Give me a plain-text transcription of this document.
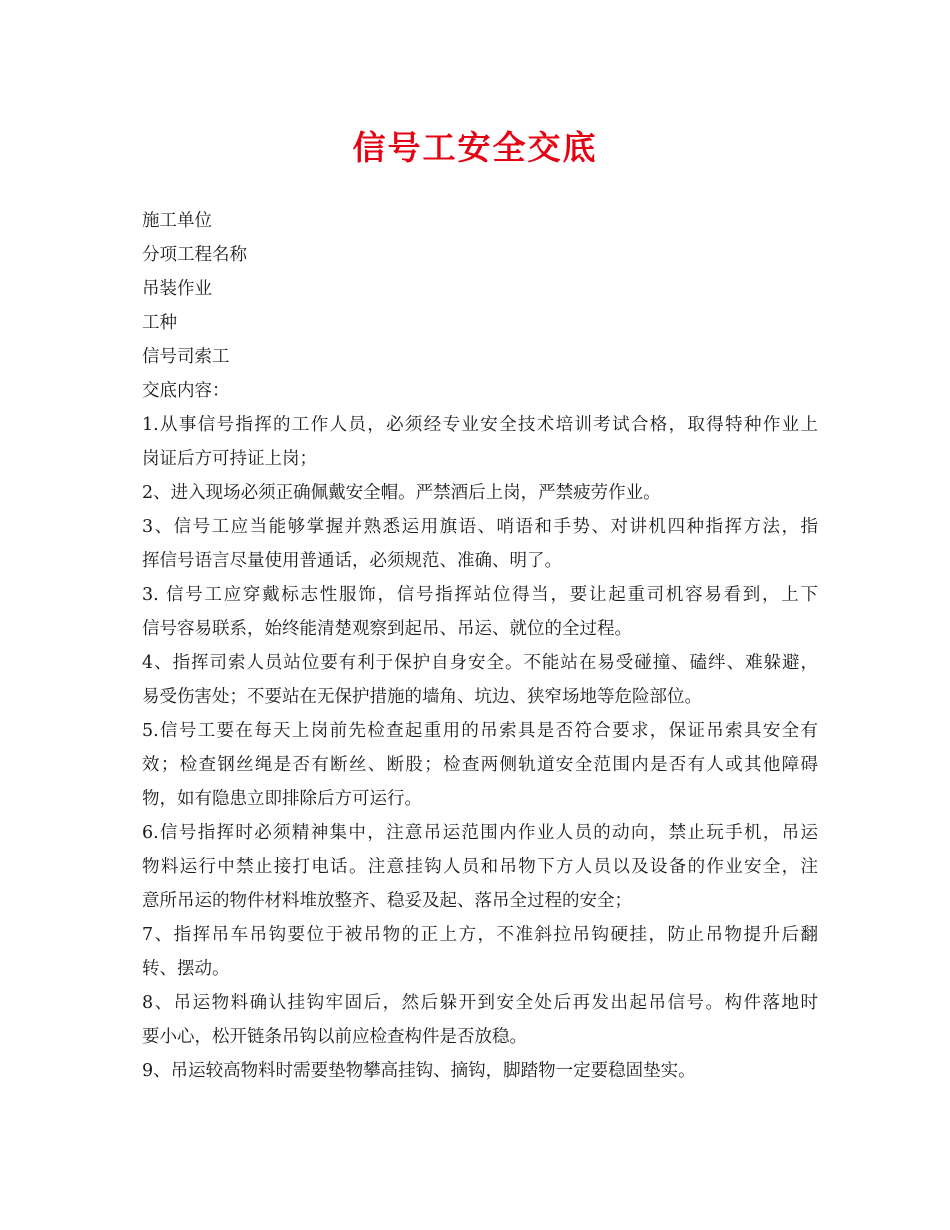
信号工安全交底
施工单位
分项工程名称
吊装作业
工种
信号司索工
交底内容：
1.从事信号指挥的工作人员，必须经专业安全技术培训考试合格，取得特种作业上
岗证后方可持证上岗；
2、进入现场必须正确佩戴安全帽。严禁酒后上岗，严禁疲劳作业。
3、信号工应当能够掌握并熟悉运用旗语、哨语和手势、对讲机四种指挥方法，指
挥信号语言尽量使用普通话，必须规范、准确、明了。
3. 信号工应穿戴标志性服饰，信号指挥站位得当，要让起重司机容易看到，上下
信号容易联系，始终能清楚观察到起吊、吊运、就位的全过程。
4、指挥司索人员站位要有利于保护自身安全。不能站在易受碰撞、磕绊、难躲避，
易受伤害处；不要站在无保护措施的墙角、坑边、狭窄场地等危险部位。
5.信号工要在每天上岗前先检查起重用的吊索具是否符合要求，保证吊索具安全有
效；检查钢丝绳是否有断丝、断股；检查两侧轨道安全范围内是否有人或其他障碍
物，如有隐患立即排除后方可运行。
6.信号指挥时必须精神集中，注意吊运范围内作业人员的动向，禁止玩手机，吊运
物料运行中禁止接打电话。注意挂钩人员和吊物下方人员以及设备的作业安全，注
意所吊运的物件材料堆放整齐、稳妥及起、落吊全过程的安全；
7、指挥吊车吊钩要位于被吊物的正上方，不准斜拉吊钩硬挂，防止吊物提升后翻
转、摆动。
8、吊运物料确认挂钩牢固后，然后躲开到安全处后再发出起吊信号。构件落地时
要小心，松开链条吊钩以前应检查构件是否放稳。
9、吊运较高物料时需要垫物攀高挂钩、摘钩，脚踏物一定要稳固垫实。
